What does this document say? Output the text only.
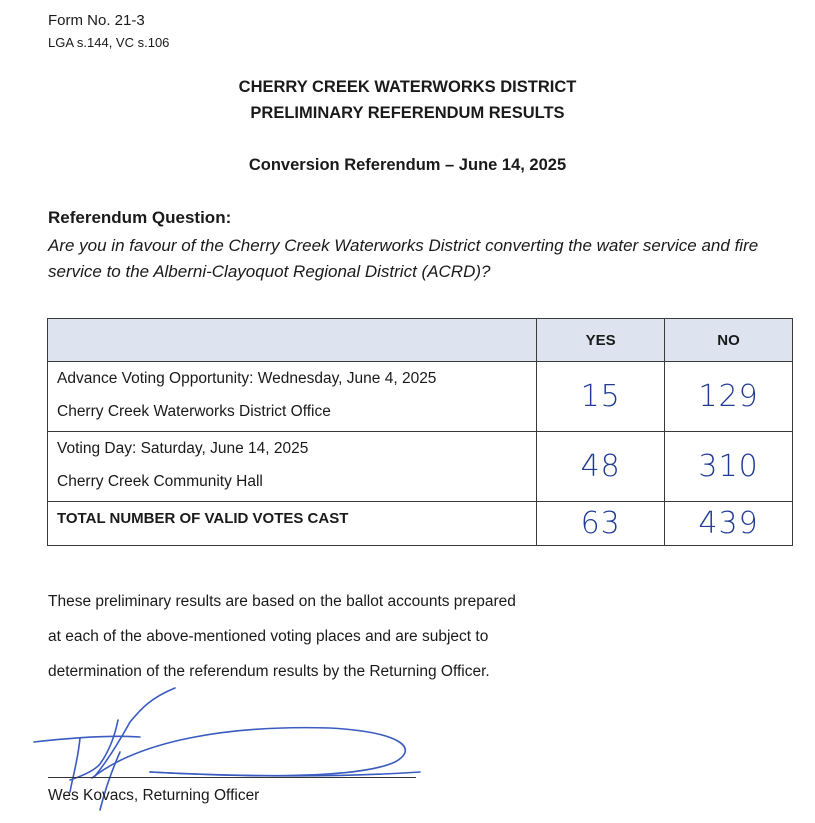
Form No. 21-3
LGA s.144, VC s.106
CHERRY CREEK WATERWORKS DISTRICT
PRELIMINARY REFERENDUM RESULTS
Conversion Referendum – June 14, 2025
Referendum Question:
Are you in favour of the Cherry Creek Waterworks District converting the water service and fire service to the Alberni-Clayoquot Regional District (ACRD)?
	YES	NO

Advance Voting Opportunity: Wednesday, June 4, 2025
Cherry Creek Waterworks District Office	15	129

Voting Day: Saturday, June 14, 2025
Cherry Creek Community Hall	48	310
TOTAL NUMBER OF VALID VOTES CAST	63	439
These preliminary results are based on the ballot accounts prepared
at each of the above-mentioned voting places and are subject to
determination of the referendum results by the Returning Officer.
Wes Kovacs, Returning Officer
